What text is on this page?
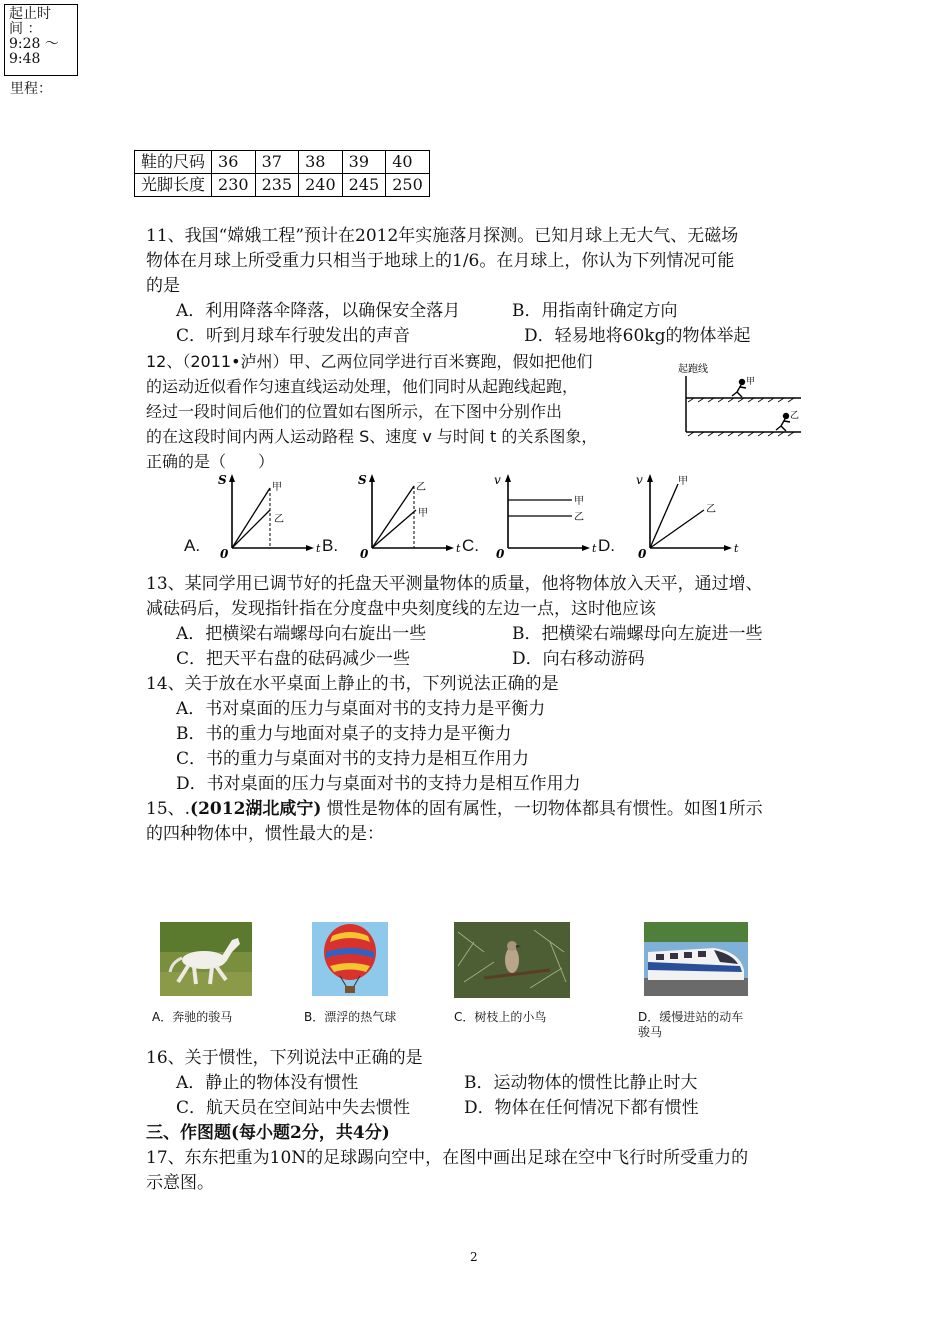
起止时
间 ：
9:28 ～
9:48
里程：
鞋的尺码	36	37	38	39	40
光脚长度	230	235	240	245	250
11、我国“嫦娥工程”预计在2012年实施落月探测。已知月球上无大气、无磁场
物体在月球上所受重力只相当于地球上的1/6。在月球上，你认为下列情况可能
的是
A．利用降落伞降落，以确保安全落月	B．用指南针确定方向
C．听到月球车行驶发出的声音	D．轻易地将60kg的物体举起
12、（2011•泸州）甲、乙两位同学进行百米赛跑，假如把他们
的运动近似看作匀速直线运动处理，他们同时从起跑线起跑，
经过一段时间后他们的位置如右图所示，在下图中分别作出
的在这段时间内两人运动路程 S、速度 v 与时间 t 的关系图象，
正确的是（　　）
起跑线
甲
乙
S
t
0
甲
乙
A.
S
t
0
乙
甲
B.
v
t
0
甲
乙
C.
v
t
0
甲
乙
D.
13、某同学用已调节好的托盘天平测量物体的质量，他将物体放入天平，通过增、
减砝码后，发现指针指在分度盘中央刻度线的左边一点，这时他应该
A．把横梁右端螺母向右旋出一些	B．把横梁右端螺母向左旋进一些
C．把天平右盘的砝码减少一些	D．向右移动游码
14、关于放在水平桌面上静止的书，下列说法正确的是
A．书对桌面的压力与桌面对书的支持力是平衡力
B．书的重力与地面对桌子的支持力是平衡力
C．书的重力与桌面对书的支持力是相互作用力
D．书对桌面的压力与桌面对书的支持力是相互作用力
15、.(2012湖北咸宁) 惯性是物体的固有属性，一切物体都具有惯性。如图1所示
的四种物体中，惯性最大的是：
A．奔驰的骏马	B．漂浮的热气球	C．树枝上的小鸟	D．缓慢进站的动车
骏马
16、关于惯性，下列说法中正确的是
A．静止的物体没有惯性	B．运动物体的惯性比静止时大
C．航天员在空间站中失去惯性	D．物体在任何情况下都有惯性
三、作图题(每小题2分，共4分)
17、东东把重为10N的足球踢向空中，在图中画出足球在空中飞行时所受重力的
示意图。
2
